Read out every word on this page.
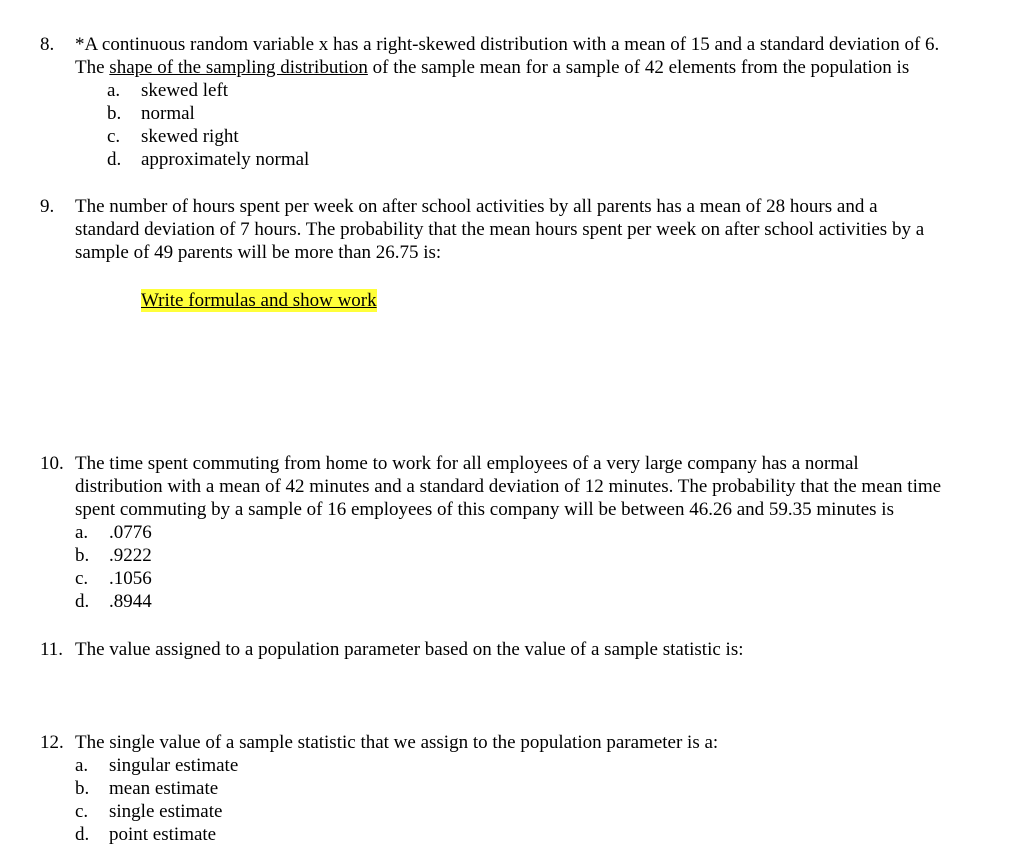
8. *A continuous random variable x has a right-skewed distribution with a mean of 15 and a standard deviation of 6.
The shape of the sampling distribution of the sample mean for a sample of 42 elements from the population is
a. skewed left
b. normal
c. skewed right
d. approximately normal
9. The number of hours spent per week on after school activities by all parents has a mean of 28 hours and a
standard deviation of 7 hours. The probability that the mean hours spent per week on after school activities by a
sample of 49 parents will be more than 26.75 is:
Write formulas and show work
10. The time spent commuting from home to work for all employees of a very large company has a normal
distribution with a mean of 42 minutes and a standard deviation of 12 minutes. The probability that the mean time
spent commuting by a sample of 16 employees of this company will be between 46.26 and 59.35 minutes is
a. .0776
b. .9222
c. .1056
d. .8944
11. The value assigned to a population parameter based on the value of a sample statistic is:
12. The single value of a sample statistic that we assign to the population parameter is a:
a. singular estimate
b. mean estimate
c. single estimate
d. point estimate
